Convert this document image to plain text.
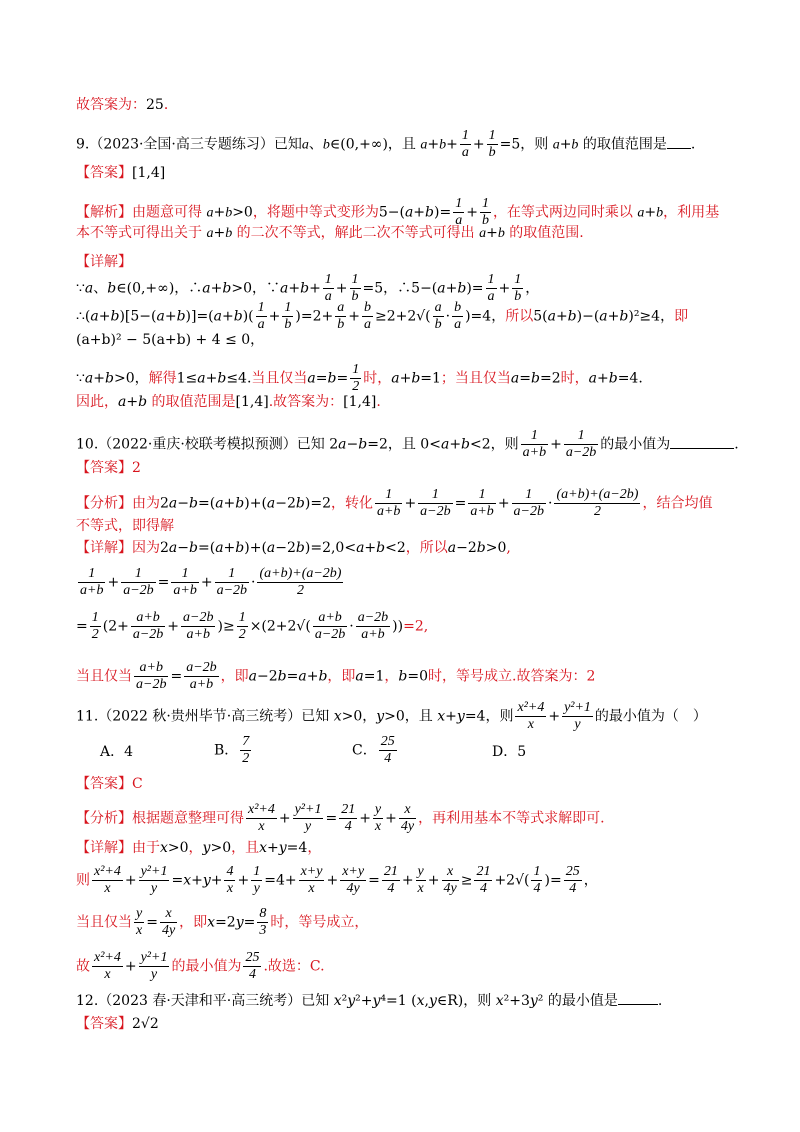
故答案为：25．
9.（2023·全国·高三专题练习）已知a、b∈(0,+∞)，且 $a+b+ \frac{1}{a} + \frac{1}{b} =5$，则 a+b 的取值范围是 .
【答案】[1,4]
【解析】由题意可得 a+b>0，将题中等式变形为$5-(a+b)= \frac{1}{a} + \frac{1}{b}$ ，在等式两边同时乘以 a+b，利用基
本不等式可得出关于 a+b 的二次不等式，解此二次不等式可得出 a+b 的取值范围.
【详解】
∵a、b∈(0,+∞)，∴a+b>0，∵a+b+ $\frac{1}{a} + \frac{1}{b} =5$，∴5−(a+b)= $\frac{1}{a} + \frac{1}{b}$ ，
∴(a+b)[5−(a+b)]=(a+b)( $\frac{1}{a} + \frac{1}{b} )=2+ \frac{a}{b} + \frac{b}{a} \ge 2+2√( \frac{a}{b} \cdot \frac{b}{a} )=4$，所以5(a+b)−(a+b)²≥4，即
(a+b)² − 5(a+b) + 4 ≤ 0，
∵a+b>0，解得1≤a+b≤4.当且仅当$a=b= \frac{1}{2}$ 时，a+b=1；当且仅当a=b=2时，a+b=4.
因此，a+b 的取值范围是[1,4].故答案为：[1,4].
10.（2022·重庆·校联考模拟预测）已知 2a−b=2，且 0<a+b<2，则 $\frac{1}{a+b} + \frac{1}{a-2b}$ 的最小值为	.
【答案】2
【分析】由为2a−b=(a+b)+(a−2b)=2，转化 $\frac{1}{a+b} + \frac{1}{a-2b} = \frac{1}{a+b} + \frac{1}{a-2b} \cdot \frac{(a+b)+(a-2b)}{2}$ ，结合均值
不等式，即得解
【详解】因为2a−b=(a+b)+(a−2b)=2,0<a+b<2，所以a−2b>0,
$\frac{1}{a+b} + \frac{1}{a-2b} = \frac{1}{a+b} + \frac{1}{a-2b} \cdot \frac{(a+b)+(a-2b)}{2}$
= $\frac{1}{2} (2+ \frac{a+b}{a-2b} + \frac{a-2b}{a+b}$ )≥ $\frac{1}{2} \times(2+2√( \frac{a+b}{a-2b} \cdot \frac{a-2b}{a+b} ))=2$,
当且仅当 $\frac{a+b}{a-2b} = \frac{a-2b}{a+b}$ ，即a−2b=a+b，即a=1，b=0时，等号成立.故答案为：2
11.（2022 秋·贵州毕节·高三统考）已知 x>0，y>0，且 x+y=4，则 $\frac{\text{x²+4}}{x} + \frac{\text{y²+1}}{y}$ 的最小值为（　）
A．4	B． $\frac{7}{2}$	C． $\frac{25}{4}$	D．5
【答案】C
【分析】根据题意整理可得 $\frac{\text{x²+4}}{x} + \frac{\text{y²+1}}{y} = \frac{21}{4} + \frac{y}{x} + \frac{x}{4y}$ ，再利用基本不等式求解即可.
【详解】由于x>0，y>0，且x+y=4，
则 $\frac{\text{x²+4}}{x} + \frac{\text{y²+1}}{y} =x+y+ \frac{4}{x} + \frac{1}{y} =4+ \frac{x+y}{x} + \frac{x+y}{4y} = \frac{21}{4} + \frac{y}{x} + \frac{x}{4y} \ge \frac{21}{4} +2√( \frac{1}{4}$ )= $\frac{25}{4}$ ，
当且仅当 $\frac{y}{x} = \frac{x}{4y}$ ，即$x=2y= \frac{8}{3}$ 时，等号成立，
故 $\frac{\text{x²+4}}{x} + \frac{\text{y²+1}}{y}$ 的最小值为 $\frac{25}{4}$ .故选：C.
12.（2023 春·天津和平·高三统考）已知 x²y²+y⁴=1 (x,y∈R)，则 x²+3y² 的最小值是	.
【答案】2√2
